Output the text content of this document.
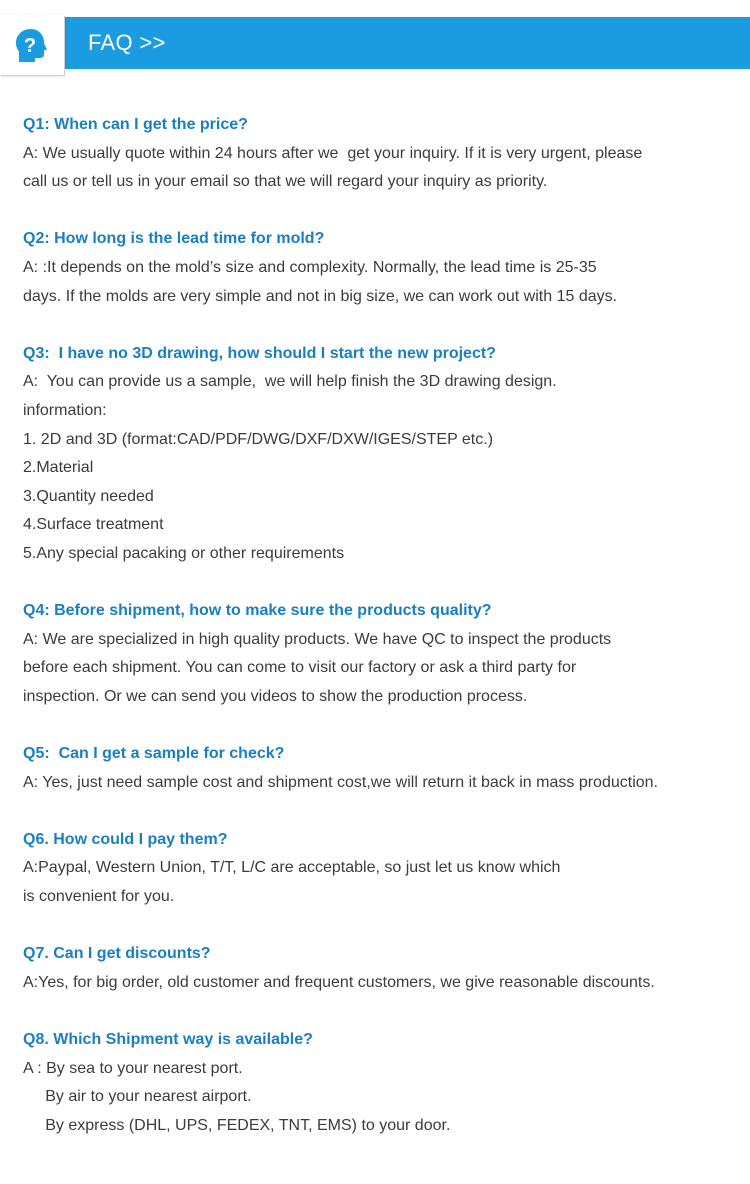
FAQ >>
?
Q1: When can I get the price?
A: We usually quote within 24 hours after we  get your inquiry. If it is very urgent, please
call us or tell us in your email so that we will regard your inquiry as priority.
Q2: How long is the lead time for mold?
A: :It depends on the mold’s size and complexity. Normally, the lead time is 25-35
days. If the molds are very simple and not in big size, we can work out with 15 days.
Q3:  I have no 3D drawing, how should I start the new project?
A:  You can provide us a sample,  we will help finish the 3D drawing design.
information:
1. 2D and 3D (format:CAD/PDF/DWG/DXF/DXW/IGES/STEP etc.)
2.Material
3.Quantity needed
4.Surface treatment
5.Any special pacaking or other requirements
Q4: Before shipment, how to make sure the products quality?
A: We are specialized in high quality products. We have QC to inspect the products
before each shipment. You can come to visit our factory or ask a third party for
inspection. Or we can send you videos to show the production process.
Q5:  Can I get a sample for check?
A: Yes, just need sample cost and shipment cost,we will return it back in mass production.
Q6. How could I pay them?
A:Paypal, Western Union, T/T, L/C are acceptable, so just let us know which
is convenient for you.
Q7. Can I get discounts?
A:Yes, for big order, old customer and frequent customers, we give reasonable discounts.
Q8. Which Shipment way is available?
A : By sea to your nearest port.
By air to your nearest airport.
By express (DHL, UPS, FEDEX, TNT, EMS) to your door.
